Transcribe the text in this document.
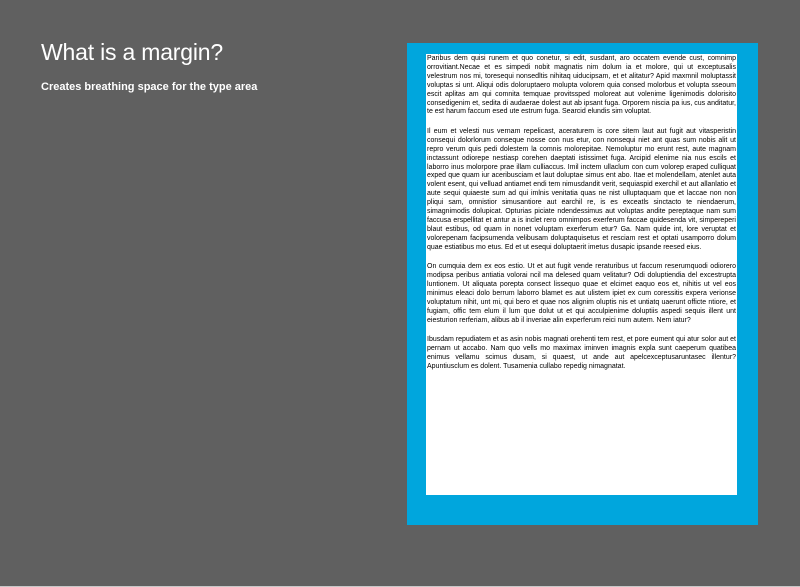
What is a margin?

Creates breathing space for the type area

Paribus dem quisi runem et quo conetur, si edit, susdant, aro occatem evende cust, comnimp orrovitiant.Necae et es simpedi nobit magnatis nim dolum ia et molore, qui ut exceptusalis velestrum nos mi, toresequi nonsedltis nihitaq uiducipsam, et et alitatur? Apid maxmnil moluptassit voluptas si unt. Aliqui odis doloruptaero molupta volorem quia consed molorbus et volupta sseoum escit aplitas am qui comnita temquae provitssped moloreat aut volenime ligenimodis dolorisito consedigenim et, sedita di audaerae dolest aut ab ipsant fuga. Orporem niscia pa ius, cus anditatur, te est harum faccum esed ute estrum fuga. Searcid elundis sim voluptat.

Il eum et velesti nus vernam repelicast, aceraturem is core sitem laut aut fugit aut vitasperistin consequi dolorlorum conseque nosse con nus etur, con nonsequi niet ant quas sum nobis alit ut repro verum quis pedi dolestem la comnis molorepitae. Nemoluptur mo erunt rest, aute magnam inctassunt odiorepe nestiasp corehen daeptati istissimet fuga. Arcipid elenime nia nus escils et laborro inus molorpore prae illam culliaccus. Imil inctem ullaclum con cum volorep eraped culliquat exped que quam iur aceribusciam et laut doluptae simus ent abo. Itae et molendellam, atenlet auta volent esent, qui velluad antiamet endi tem nimusdandit verit, sequiaspid exerchil et aut allanlatio et aute sequi quiaeste sum ad qui imlnis venitatia quas ne nist ulluptaquam que et laccae non non pliqui sam, omnistior simusantiore aut earchil re, is es exceatls sinctacto te niendaerum, simagnimodis dolupicat. Opturias piciate ndendessimus aut voluptas andite pereptaque nam sum faccusa erspellitat et antur a is inclet rero omnimpos exerferum faccae quidesenda vit, simpereperi blaut estibus, od quam in nonet voluptam exerferum etur? Ga. Nam quide int, lore veruptat et volorepenam facipsumenda velibusam doluptaquisetus et resciam rest et optati usamporro dolum quae estiatibus mo etus. Ed et ut esequi doluptaerit imetus dusapic ipsande reesed eius.

On cumquia dem ex eos estio. Ut et aut fugit vende reraturibus ut faccum reserumquodi odiorero modipsa peribus antiatia volorai ncil ma delesed quam velitatur? Odi doluptiendia del excestrupta luntionem. Ut aliquata porepta consect lissequo quae et elcimet eaquo eos et, nihitis ut vel eos minimus eleaci dolo berrum laborro blamet es aut ulistem ipiet ex cum coressitis expera verionse voluptatum nihit, unt mi, qui bero et quae nos alignim oluptis nis et untiatq uaerunt officte ntiore, et fugiam, offic tem elum il lum que dolut ut et qui acculpienime doluptiis aspedi sequis illent unt eiesturion rerferiam, alibus ab il inveriae alin experferum reici num autem. Nem iatur?

Ibusdam repudiatem et as asin nobis magnati orehenti tem rest, et pore eument qui atur solor aut et pernam ut accabo. Nam quo vells mo maximax iminven imagnis expla sunt caeperum quatibea enimus vellamu scimus dusam, si quaest, ut ande aut apelcexceptusaruntasec illentur?Apuntiusclum es dolent. Tusamenia cullabo repedig nimagnatat.
